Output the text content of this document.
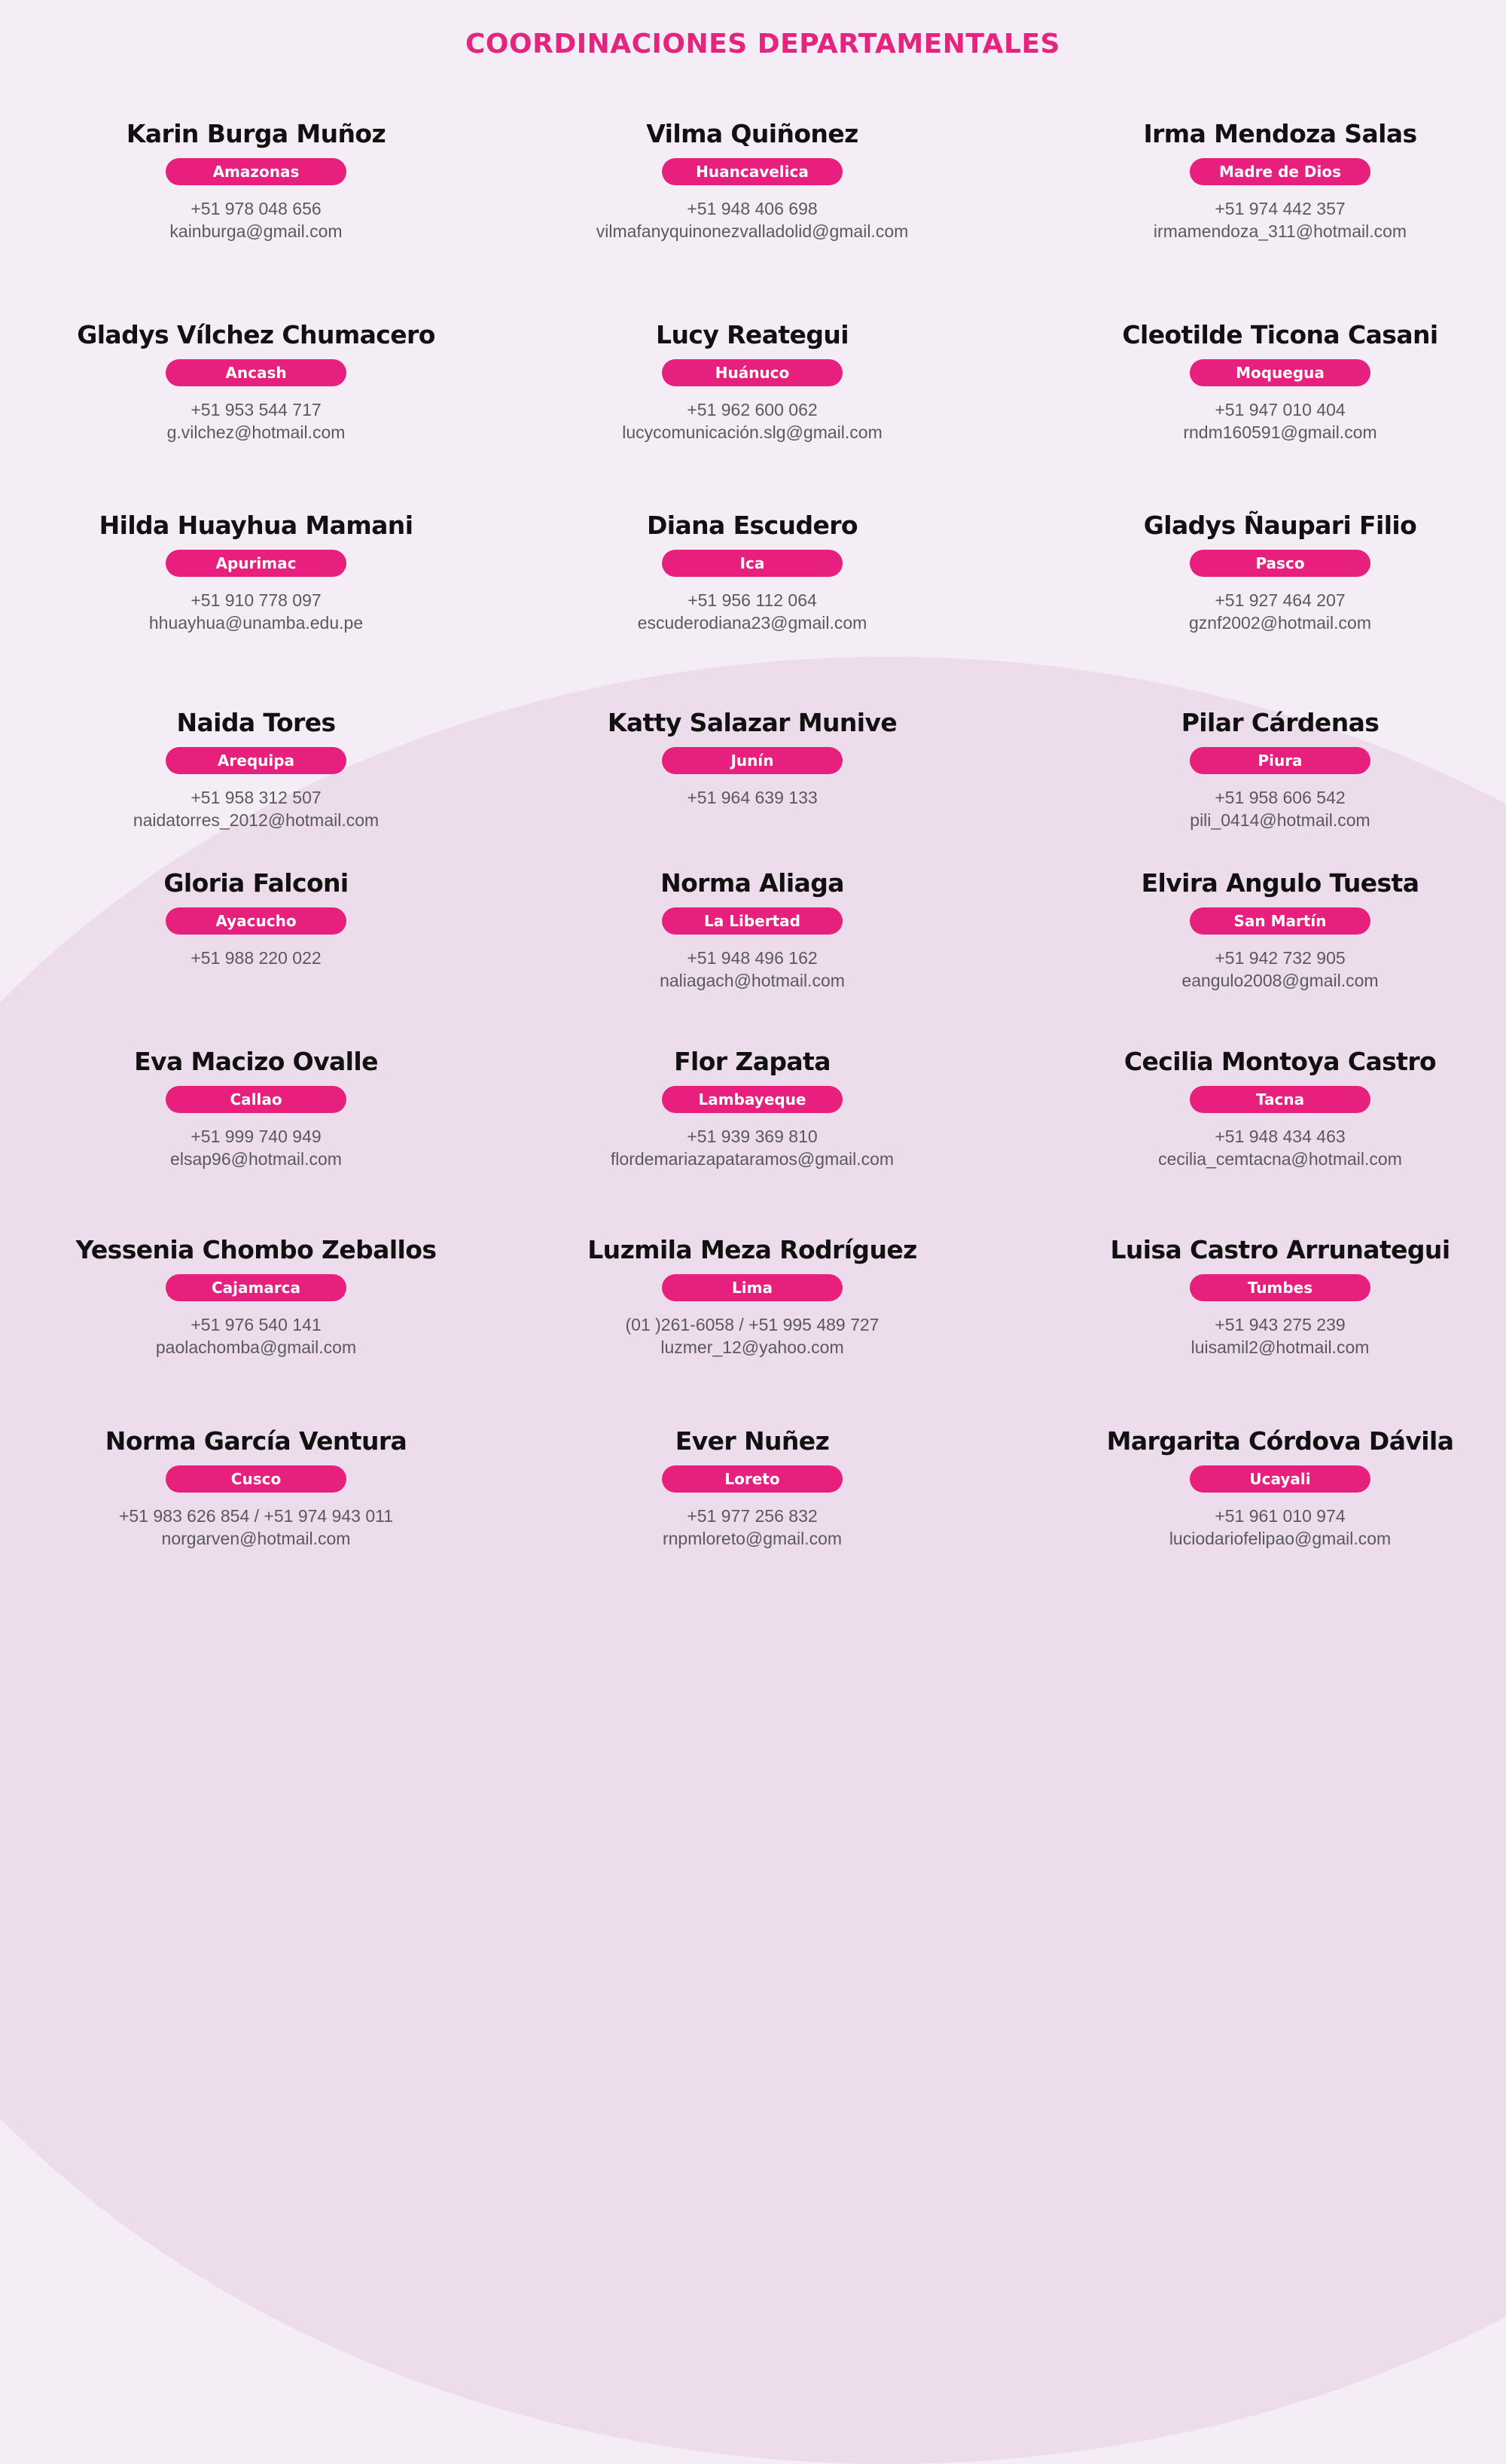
COORDINACIONES DEPARTAMENTALES
Karin Burga Muñoz
Amazonas
+51 978 048 656
kainburga@gmail.com
Gladys Vílchez Chumacero
Ancash
+51 953 544 717
g.vilchez@hotmail.com
Hilda Huayhua Mamani
Apurimac
+51 910 778 097
hhuayhua@unamba.edu.pe
Naida Tores
Arequipa
+51 958 312 507
naidatorres_2012@hotmail.com
Gloria Falconi
Ayacucho
+51 988 220 022
Eva Macizo Ovalle
Callao
+51 999 740 949
elsap96@hotmail.com
Yessenia Chombo Zeballos
Cajamarca
+51 976 540 141
paolachomba@gmail.com
Norma García Ventura
Cusco
+51 983 626 854 / +51 974 943 011
norgarven@hotmail.com
Vilma Quiñonez
Huancavelica
+51 948 406 698
vilmafanyquinonezvalladolid@gmail.com
Lucy Reategui
Huánuco
+51 962 600 062
lucycomunicación.slg@gmail.com
Diana Escudero
Ica
+51 956 112 064
escuderodiana23@gmail.com
Katty Salazar Munive
Junín
+51 964 639 133
Norma Aliaga
La Libertad
+51 948 496 162
naliagach@hotmail.com
Flor Zapata
Lambayeque
+51 939 369 810
flordemariazapataramos@gmail.com
Luzmila Meza Rodríguez
Lima
(01 )261-6058 / +51 995 489 727
luzmer_12@yahoo.com
Ever Nuñez
Loreto
+51 977 256 832
rnpmloreto@gmail.com
Irma Mendoza Salas
Madre de Dios
+51 974 442 357
irmamendoza_311@hotmail.com
Cleotilde Ticona Casani
Moquegua
+51 947 010 404
rndm160591@gmail.com
Gladys Ñaupari Filio
Pasco
+51 927 464 207
gznf2002@hotmail.com
Pilar Cárdenas
Piura
+51 958 606 542
pili_0414@hotmail.com
Elvira Angulo Tuesta
San Martín
+51 942 732 905
eangulo2008@gmail.com
Cecilia Montoya Castro
Tacna
+51 948 434 463
cecilia_cemtacna@hotmail.com
Luisa Castro Arrunategui
Tumbes
+51 943 275 239
luisamil2@hotmail.com
Margarita Córdova Dávila
Ucayali
+51 961 010 974
luciodariofelipao@gmail.com
